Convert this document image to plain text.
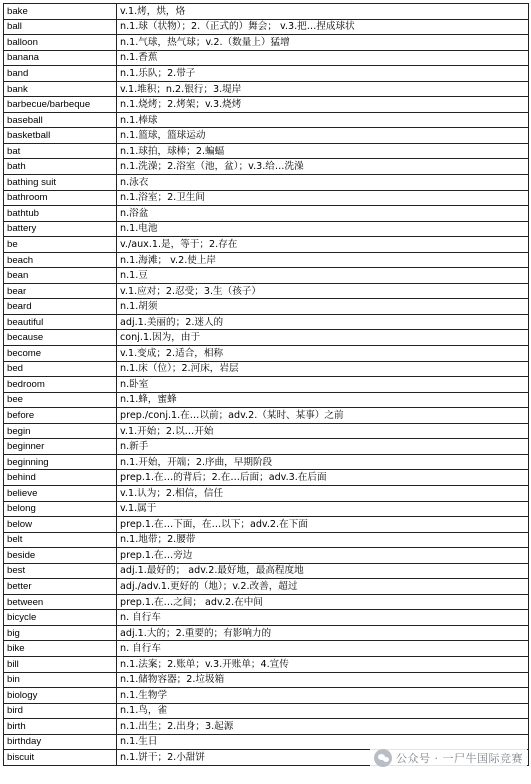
bake	v.1.烤，烘，烙
ball	n.1.球（状物）；2.（正式的）舞会； v.3.把…捏成球状
balloon	n.1.气球，热气球；v.2.（数量上）猛增
banana	n.1.香蕉
band	n.1.乐队；2.带子
bank	v.1.堆积；n.2.银行；3.堤岸
barbecue/barbeque	n.1.烧烤；2.烤架；v.3.烧烤
baseball	n.1.棒球
basketball	n.1.篮球，篮球运动
bat	n.1.球拍，球棒；2.蝙蝠
bath	n.1.洗澡；2.浴室（池，盆）；v.3.给…洗澡
bathing suit	n.泳衣
bathroom	n.1.浴室；2.卫生间
bathtub	n.浴盆
battery	n.1.电池
be	v./aux.1.是，等于；2.存在
beach	n.1.海滩； v.2.使上岸
bean	n.1.豆
bear	v.1.应对；2.忍受；3.生（孩子）
beard	n.1.胡须
beautiful	adj.1.美丽的；2.迷人的
because	conj.1.因为，由于
become	v.1.变成；2.适合，相称
bed	n.1.床（位）；2.河床，岩层
bedroom	n.卧室
bee	n.1.蜂，蜜蜂
before	prep./conj.1.在…以前；adv.2.（某时、某事）之前
begin	v.1.开始；2.以…开始
beginner	n.新手
beginning	n.1.开始，开端；2.序曲，早期阶段
behind	prep.1.在…的背后；2.在…后面；adv.3.在后面
believe	v.1.认为；2.相信，信任
belong	v.1.属于
below	prep.1.在…下面，在…以下；adv.2.在下面
belt	n.1.地带；2.腰带
beside	prep.1.在…旁边
best	adj.1.最好的； adv.2.最好地，最高程度地
better	adj./adv.1.更好的（地）；v.2.改善，超过
between	prep.1.在…之间； adv.2.在中间
bicycle	n. 自行车
big	adj.1.大的；2.重要的；有影响力的
bike	n. 自行车
bill	n.1.法案；2.账单；v.3.开账单；4.宣传
bin	n.1.储物容器；2.垃圾箱
biology	n.1.生物学
bird	n.1.鸟，雀
birth	n.1.出生；2.出身；3.起源
birthday	n.1.生日
biscuit	n.1.饼干；2.小甜饼	公众号 · 一尸牛国际竞赛
